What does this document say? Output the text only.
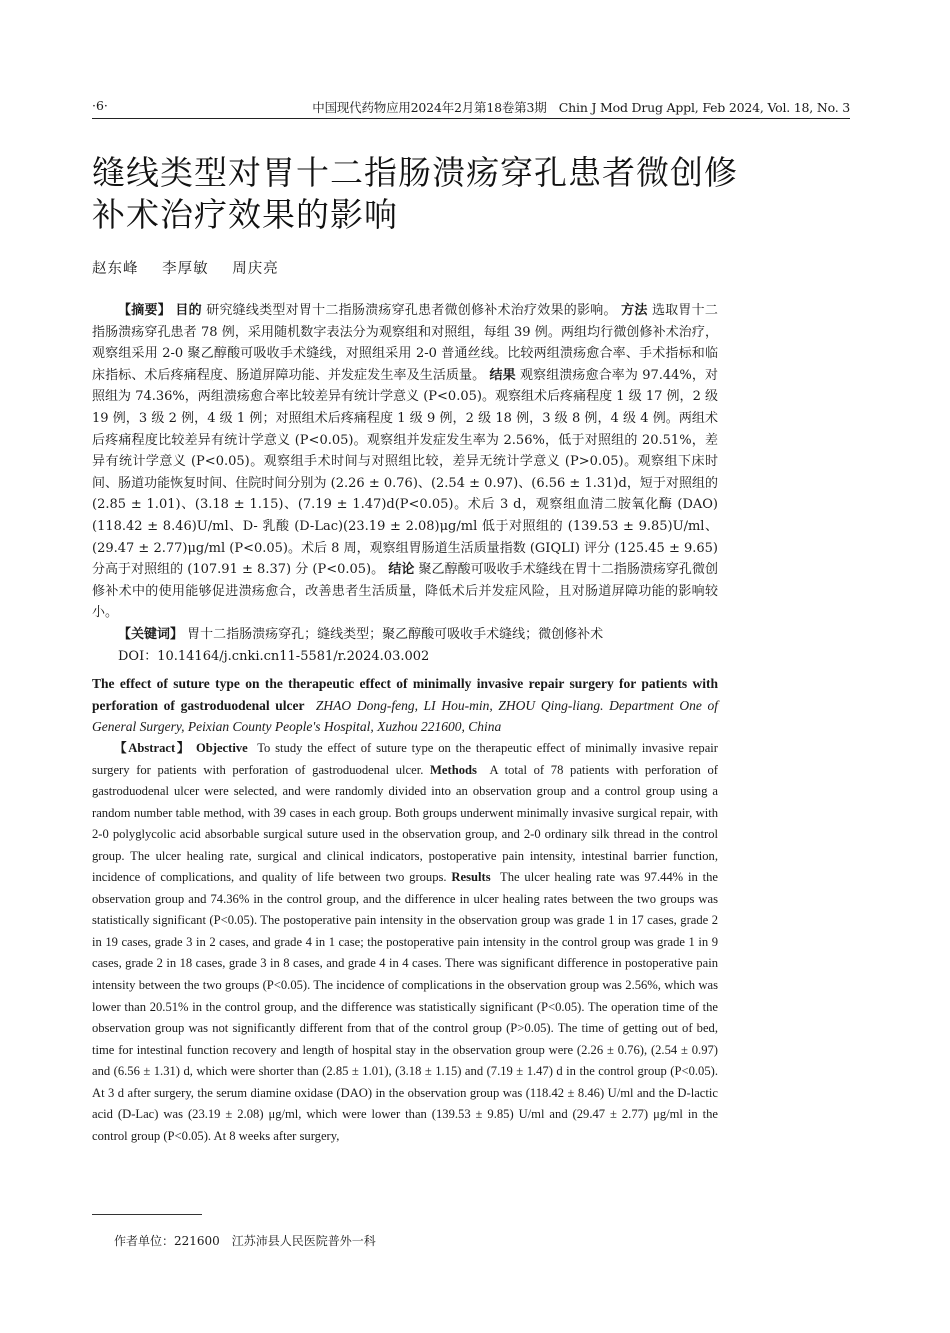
·6·	中国现代药物应用2024年2月第18卷第3期　Chin J Mod Drug Appl, Feb 2024, Vol. 18, No. 3
缝线类型对胃十二指肠溃疡穿孔患者微创修补术治疗效果的影响
赵东峰 李厚敏 周庆亮

【摘要】 目的 研究缝线类型对胃十二指肠溃疡穿孔患者微创修补术治疗效果的影响。 方法 选取胃十二指肠溃疡穿孔患者 78 例，采用随机数字表法分为观察组和对照组，每组 39 例。两组均行微创修补术治疗，观察组采用 2-0 聚乙醇酸可吸收手术缝线，对照组采用 2-0 普通丝线。比较两组溃疡愈合率、手术指标和临床指标、术后疼痛程度、肠道屏障功能、并发症发生率及生活质量。 结果 观察组溃疡愈合率为 97.44%，对照组为 74.36%，两组溃疡愈合率比较差异有统计学意义 (P<0.05)。观察组术后疼痛程度 1 级 17 例，2 级 19 例，3 级 2 例，4 级 1 例；对照组术后疼痛程度 1 级 9 例，2 级 18 例，3 级 8 例，4 级 4 例。两组术后疼痛程度比较差异有统计学意义 (P<0.05)。观察组并发症发生率为 2.56%，低于对照组的 20.51%，差异有统计学意义 (P<0.05)。观察组手术时间与对照组比较，差异无统计学意义 (P>0.05)。观察组下床时间、肠道功能恢复时间、住院时间分别为 (2.26 ± 0.76)、(2.54 ± 0.97)、(6.56 ± 1.31)d，短于对照组的 (2.85 ± 1.01)、(3.18 ± 1.15)、(7.19 ± 1.47)d(P<0.05)。术后 3 d，观察组血清二胺氧化酶 (DAO)(118.42 ± 8.46)U/ml、D- 乳酸 (D-Lac)(23.19 ± 2.08)μg/ml 低于对照组的 (139.53 ± 9.85)U/ml、(29.47 ± 2.77)μg/ml (P<0.05)。术后 8 周，观察组胃肠道生活质量指数 (GIQLI) 评分 (125.45 ± 9.65) 分高于对照组的 (107.91 ± 8.37) 分 (P<0.05)。 结论 聚乙醇酸可吸收手术缝线在胃十二指肠溃疡穿孔微创修补术中的使用能够促进溃疡愈合，改善患者生活质量，降低术后并发症风险，且对肠道屏障功能的影响较小。

【关键词】 胃十二指肠溃疡穿孔；缝线类型；聚乙醇酸可吸收手术缝线；微创修补术

DOI：10.14164/j.cnki.cn11-5581/r.2024.03.002

The effect of suture type on the therapeutic effect of minimally invasive repair surgery for patients with perforation of gastroduodenal ulcer ZHAO Dong-feng, LI Hou-min, ZHOU Qing-liang. Department One of General Surgery, Peixian County People's Hospital, Xuzhou 221600, China

【Abstract】 Objective To study the effect of suture type on the therapeutic effect of minimally invasive repair surgery for patients with perforation of gastroduodenal ulcer. Methods A total of 78 patients with perforation of gastroduodenal ulcer were selected, and were randomly divided into an observation group and a control group using a random number table method, with 39 cases in each group. Both groups underwent minimally invasive surgical repair, with 2-0 polyglycolic acid absorbable surgical suture used in the observation group, and 2-0 ordinary silk thread in the control group. The ulcer healing rate, surgical and clinical indicators, postoperative pain intensity, intestinal barrier function, incidence of complications, and quality of life between two groups. Results The ulcer healing rate was 97.44% in the observation group and 74.36% in the control group, and the difference in ulcer healing rates between the two groups was statistically significant (P<0.05). The postoperative pain intensity in the observation group was grade 1 in 17 cases, grade 2 in 19 cases, grade 3 in 2 cases, and grade 4 in 1 case; the postoperative pain intensity in the control group was grade 1 in 9 cases, grade 2 in 18 cases, grade 3 in 8 cases, and grade 4 in 4 cases. There was significant difference in postoperative pain intensity between the two groups (P<0.05). The incidence of complications in the observation group was 2.56%, which was lower than 20.51% in the control group, and the difference was statistically significant (P<0.05). The operation time of the observation group was not significantly different from that of the control group (P>0.05). The time of getting out of bed, time for intestinal function recovery and length of hospital stay in the observation group were (2.26 ± 0.76), (2.54 ± 0.97) and (6.56 ± 1.31) d, which were shorter than (2.85 ± 1.01), (3.18 ± 1.15) and (7.19 ± 1.47) d in the control group (P<0.05). At 3 d after surgery, the serum diamine oxidase (DAO) in the observation group was (118.42 ± 8.46) U/ml and the D-lactic acid (D-Lac) was (23.19 ± 2.08) μg/ml, which were lower than (139.53 ± 9.85) U/ml and (29.47 ± 2.77) μg/ml in the control group (P<0.05). At 8 weeks after surgery,

作者单位：221600　江苏沛县人民医院普外一科
